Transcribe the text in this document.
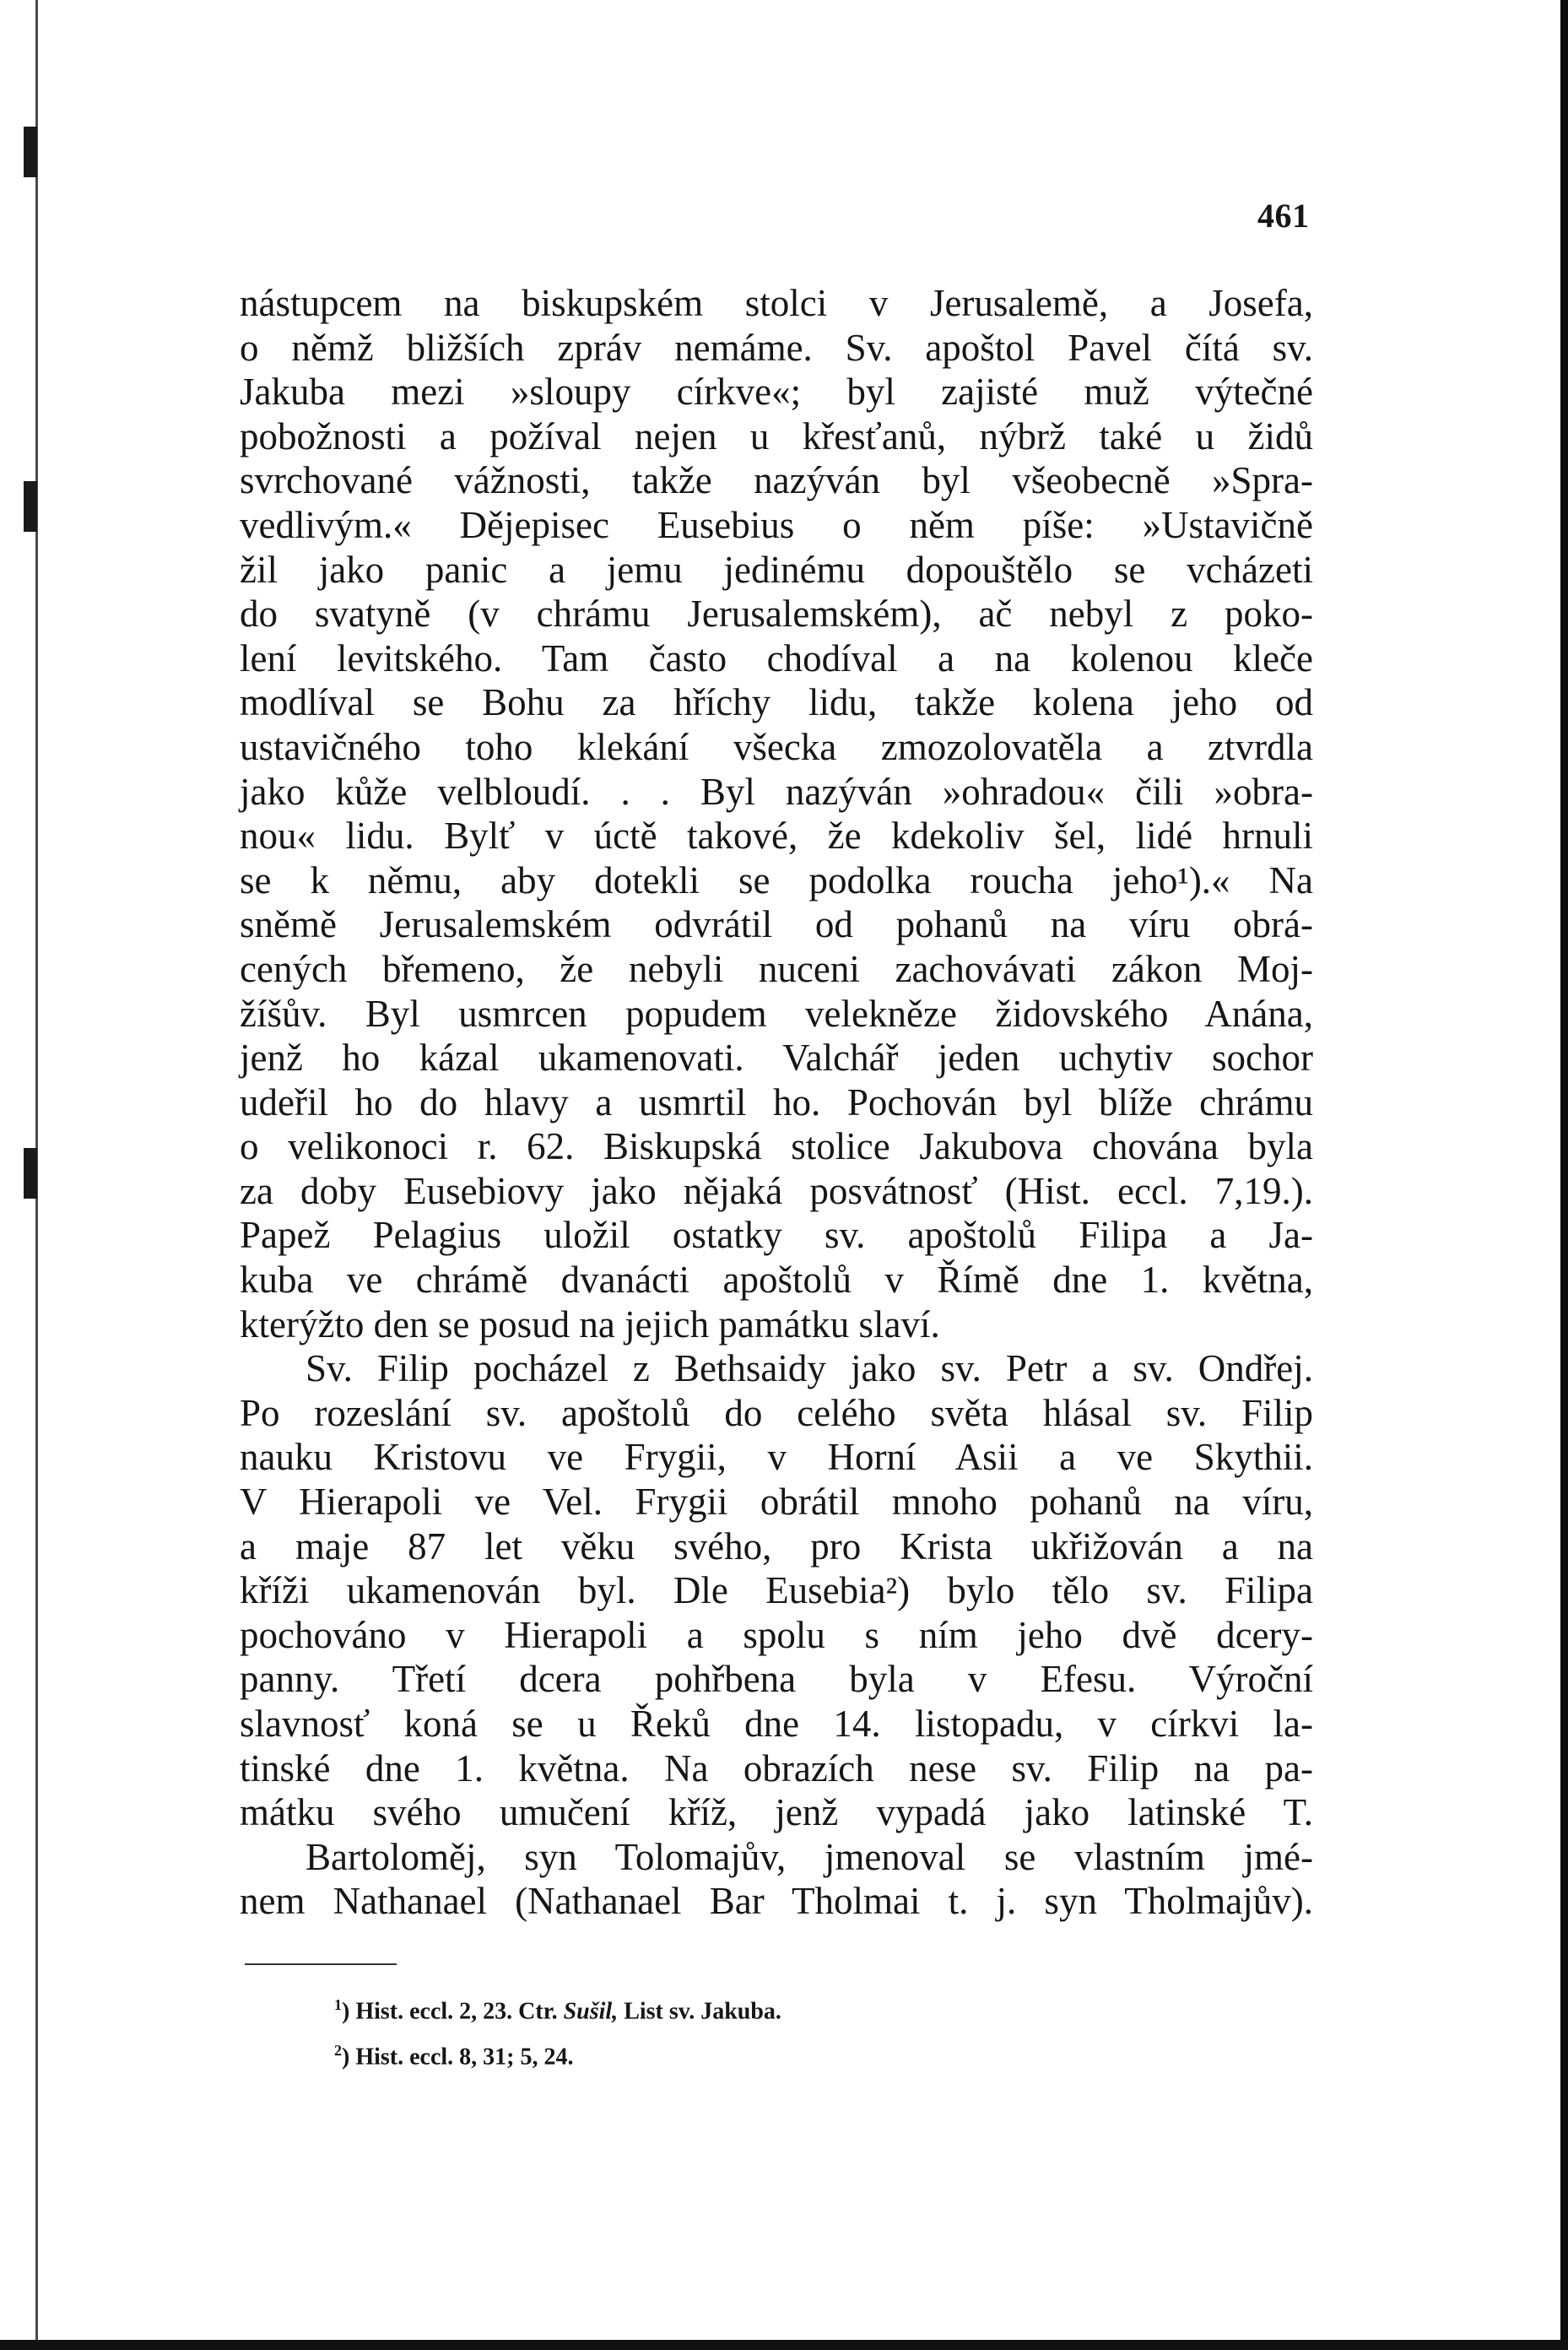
461
nástupcem na biskupském stolci v Jerusalemě, a Josefa,
o němž bližších zpráv nemáme. Sv. apoštol Pavel čítá sv.
Jakuba mezi »sloupy církve«; byl zajisté muž výtečné
pobožnosti a požíval nejen u křesťanů, nýbrž také u židů
svrchované vážnosti, takže nazýván byl všeobecně »Spra-
vedlivým.« Dějepisec Eusebius o něm píše: »Ustavičně
žil jako panic a jemu jedinému dopouštělo se vcházeti
do svatyně (v chrámu Jerusalemském), ač nebyl z poko-
lení levitského. Tam často chodíval a na kolenou kleče
modlíval se Bohu za hříchy lidu, takže kolena jeho od
ustavičného toho klekání všecka zmozolovatěla a ztvrdla
jako kůže velbloudí. . . Byl nazýván »ohradou« čili »obra-
nou« lidu. Bylť v úctě takové, že kdekoliv šel, lidé hrnuli
se k němu, aby dotekli se podolka roucha jeho¹).« Na
sněmě Jerusalemském odvrátil od pohanů na víru obrá-
cených břemeno, že nebyli nuceni zachovávati zákon Moj-
žíšův. Byl usmrcen popudem velekněze židovského Anána,
jenž ho kázal ukamenovati. Valchář jeden uchytiv sochor
udeřil ho do hlavy a usmrtil ho. Pochován byl blíže chrámu
o velikonoci r. 62. Biskupská stolice Jakubova chována byla
za doby Eusebiovy jako nějaká posvátnosť (Hist. eccl. 7,19.).
Papež Pelagius uložil ostatky sv. apoštolů Filipa a Ja-
kuba ve chrámě dvanácti apoštolů v Římě dne 1. května,
kterýžto den se posud na jejich památku slaví.
Sv. Filip pocházel z Bethsaidy jako sv. Petr a sv. Ondřej.
Po rozeslání sv. apoštolů do celého světa hlásal sv. Filip
nauku Kristovu ve Frygii, v Horní Asii a ve Skythii.
V Hierapoli ve Vel. Frygii obrátil mnoho pohanů na víru,
a maje 87 let věku svého, pro Krista ukřižován a na
kříži ukamenován byl. Dle Eusebia²) bylo tělo sv. Filipa
pochováno v Hierapoli a spolu s ním jeho dvě dcery-
panny. Třetí dcera pohřbena byla v Efesu. Výroční
slavnosť koná se u Řeků dne 14. listopadu, v církvi la-
tinské dne 1. května. Na obrazích nese sv. Filip na pa-
mátku svého umučení kříž, jenž vypadá jako latinské T.
Bartoloměj, syn Tolomajův, jmenoval se vlastním jmé-
nem Nathanael (Nathanael Bar Tholmai t. j. syn Tholmajův).
$^1$) Hist. eccl. 2, 23. Ctr. Sušil, List sv. Jakuba.
$^2$) Hist. eccl. 8, 31; 5, 24.
